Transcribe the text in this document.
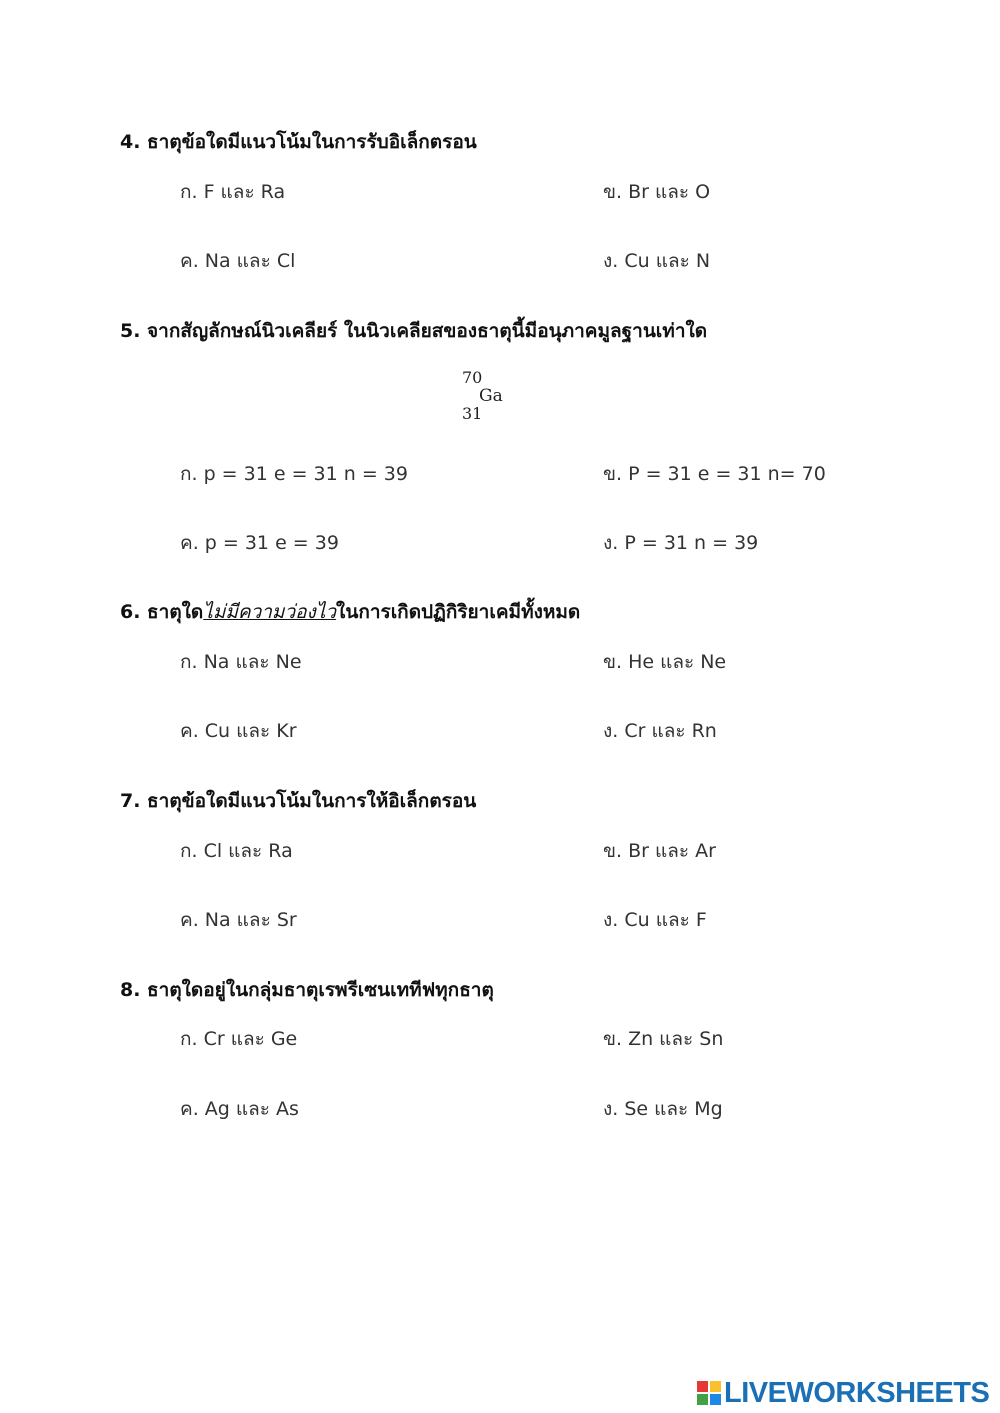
4. ธาตุข้อใดมีแนวโน้มในการรับอิเล็กตรอน
ก. F และ Ra	ข. Br และ O
ค. Na และ Cl	ง. Cu และ N
5. จากสัญลักษณ์นิวเคลียร์ ในนิวเคลียสของธาตุนี้มีอนุภาคมูลฐานเท่าใด
70
Ga
31
ก. p = 31 e = 31 n = 39	ข. P = 31 e = 31 n= 70
ค. p = 31 e = 39	ง. P = 31 n = 39
6. ธาตุใดไม่มีความว่องไวในการเกิดปฏิกิริยาเคมีทั้งหมด
ก. Na และ Ne	ข. He และ Ne
ค. Cu และ Kr	ง. Cr และ Rn
7. ธาตุข้อใดมีแนวโน้มในการให้อิเล็กตรอน
ก. Cl และ Ra	ข. Br และ Ar
ค. Na และ Sr	ง. Cu และ F
8. ธาตุใดอยู่ในกลุ่มธาตุเรพรีเซนเททีฟทุกธาตุ
ก. Cr และ Ge	ข. Zn และ Sn
ค. Ag และ As	ง. Se และ Mg
LIVEWORKSHEETS
